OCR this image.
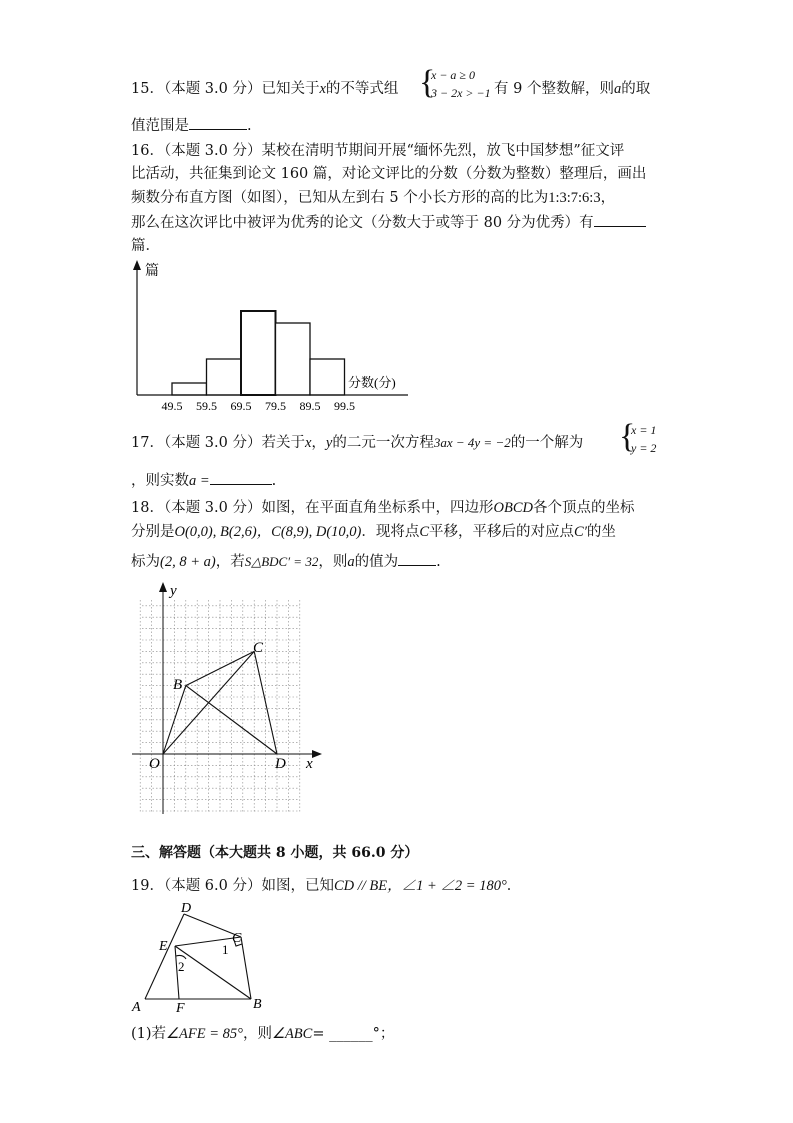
15．（本题 3.0 分）已知关于x的不等式组 {
x − a ≥ 0
3 − 2x > −1 有 9 个整数解，则a的取
值范围是	.
16．（本题 3.0 分）某校在清明节期间开展“缅怀先烈，放飞中国梦想”征文评
比活动，共征集到论文 160 篇，对论文评比的分数（分数为整数）整理后，画出
频数分布直方图（如图），已知从左到右 5 个小长方形的高的比为1:3:7:6:3，
那么在这次评比中被评为优秀的论文（分数大于或等于 80 分为优秀）有
篇．
篇
分数(分)
49.5 59.5 69.5 79.5 89.5 99.5
17．（本题 3.0 分）若关于x，y的二元一次方程3ax − 4y = −2的一个解为 {
x = 1
y = 2
，则实数a =	.
18．（本题 3.0 分）如图，在平面直角坐标系中，四边形OBCD各个顶点的坐标
分别是O(0,0), B(2,6)，C(8,9), D(10,0)．现将点C平移，平移后的对应点C′的坐
标为(2, 8 + a)，若S△BDC′ = 32，则a的值为	.
y
x
O
B
C
D
三、解答题（本大题共 8 小题，共 66.0 分）
19．（本题 6.0 分）如图，已知CD // BE，∠1 + ∠2 = 180°．
A	B
C
D
E
F
1
2
(1)若∠AFE = 85°，则∠ABC= ______°；
